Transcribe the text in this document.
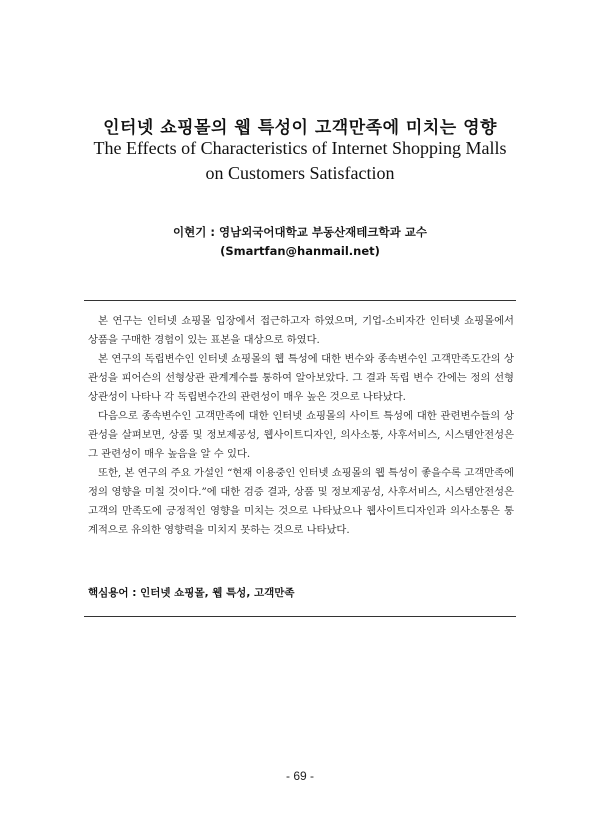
인터넷 쇼핑몰의 웹 특성이 고객만족에 미치는 영향
The Effects of Characteristics of Internet Shopping Malls
on Customers Satisfaction
이현기 : 영남외국어대학교 부동산재테크학과 교수
(Smartfan@hanmail.net)

본 연구는 인터넷 쇼핑몰 입장에서 접근하고자 하였으며, 기업-소비자간 인터넷 쇼핑몰에서 상품을 구매한 경험이 있는 표본을 대상으로 하였다.

본 연구의 독립변수인 인터넷 쇼핑몰의 웹 특성에 대한 변수와 종속변수인 고객만족도간의 상관성을 피어슨의 선형상관 관계계수를 통하여 알아보았다. 그 결과 독립 변수 간에는 정의 선형상관성이 나타나 각 독립변수간의 관련성이 매우 높은 것으로 나타났다.

다음으로 종속변수인 고객만족에 대한 인터넷 쇼핑몰의 사이트 특성에 대한 관련변수들의 상관성을 살펴보면, 상품 및 정보제공성, 웹사이트디자인, 의사소통, 사후서비스, 시스템안전성은 그 관련성이 매우 높음을 알 수 있다.

또한, 본 연구의 주요 가설인 “현재 이용중인 인터넷 쇼핑몰의 웹 특성이 좋을수록 고객만족에 정의 영향을 미칠 것이다.”에 대한 검증 결과, 상품 및 정보제공성, 사후서비스, 시스템안전성은 고객의 만족도에 긍정적인 영향을 미치는 것으로 나타났으나 웹사이트디자인과 의사소통은 통계적으로 유의한 영향력을 미치지 못하는 것으로 나타났다.

핵심용어 : 인터넷 쇼핑몰, 웹 특성, 고객만족
- 69 -
